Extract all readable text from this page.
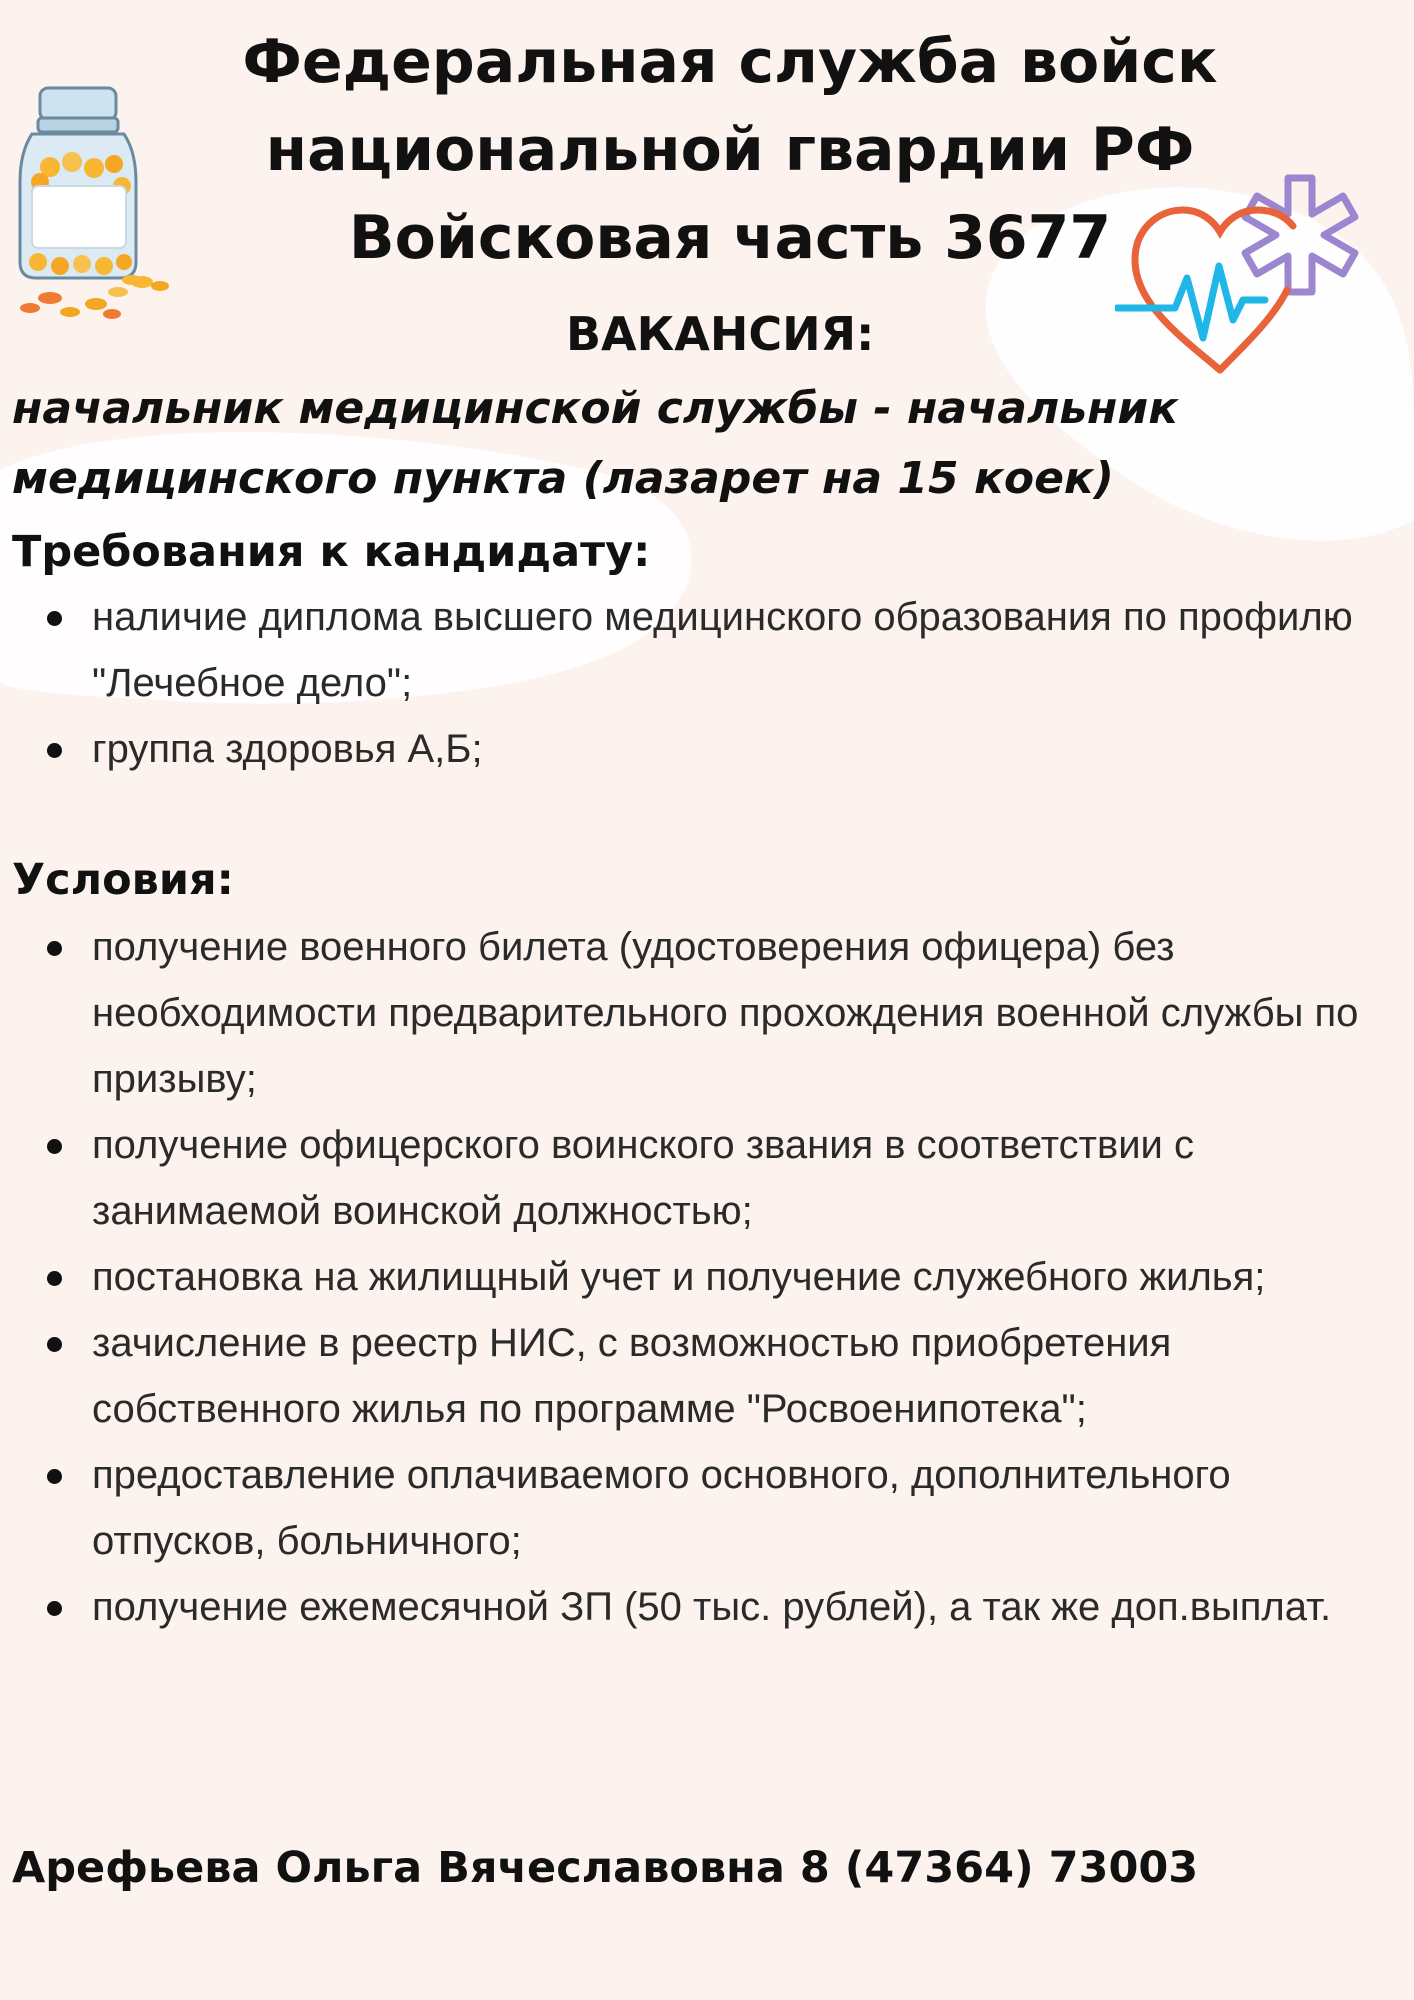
Федеральная служба войск
национальной гвардии РФ
Войсковая часть 3677
ВАКАНСИЯ:
начальник медицинской службы - начальник
медицинского пункта (лазарет на 15 коек)
Требования к кандидату:
наличие диплома высшего медицинского образования по профилю "Лечебное дело";
группа здоровья А,Б;
Условия:
получение военного билета (удостоверения офицера) без необходимости предварительного прохождения военной службы по призыву;
получение офицерского воинского звания в соответствии с занимаемой воинской должностью;
постановка на жилищный учет и получение служебного жилья;
зачисление в реестр НИС, с возможностью приобретения собственного жилья по программе "Росвоенипотека";
предоставление оплачиваемого основного, дополнительного отпусков, больничного;
получение ежемесячной ЗП (50 тыс. рублей), а так же доп.выплат.
Арефьева Ольга Вячеславовна 8 (47364) 73003
